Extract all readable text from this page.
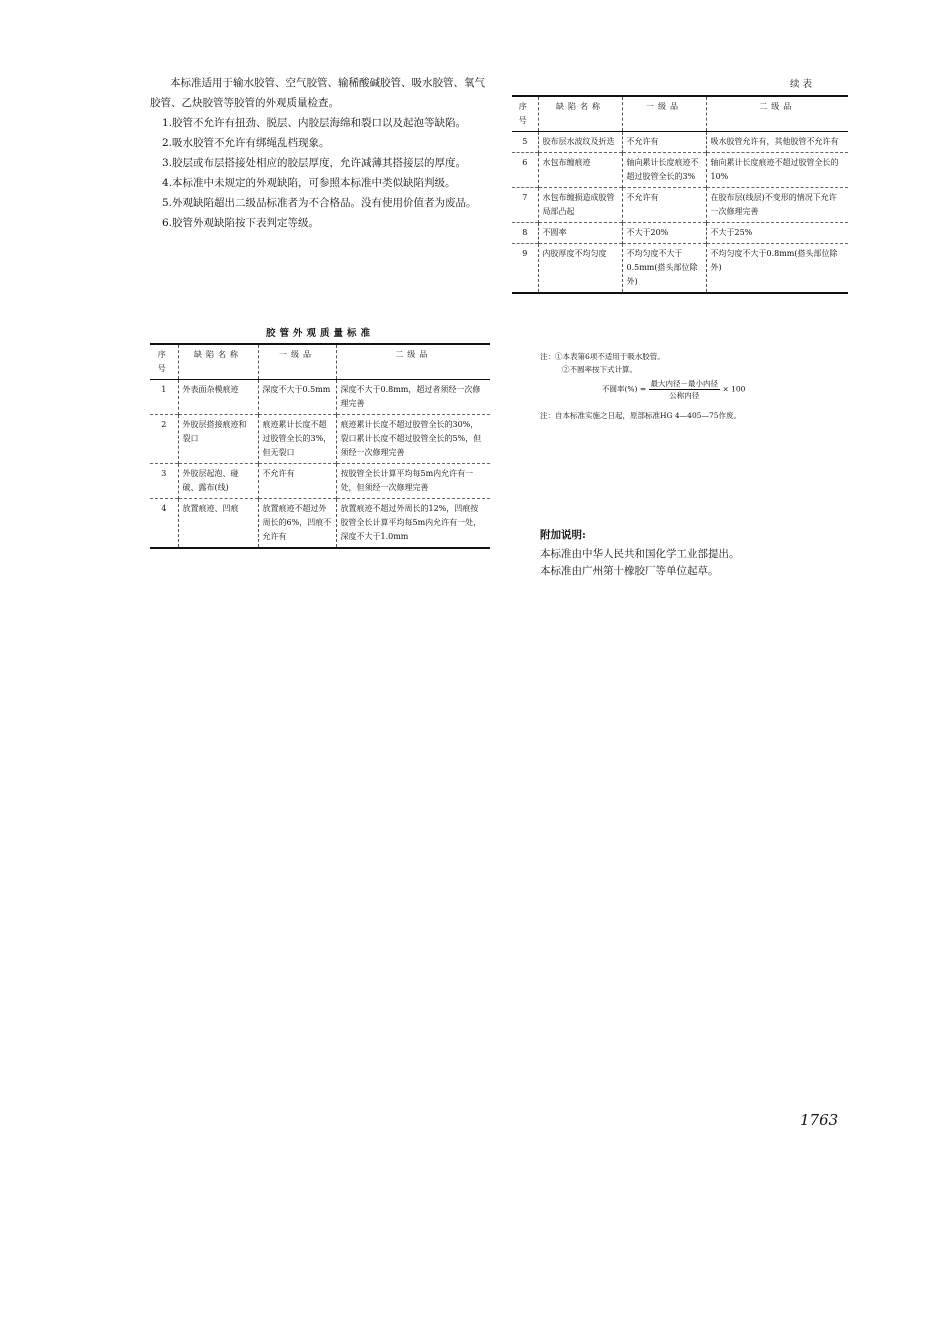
本标准适用于输水胶管、空气胶管、输稀酸碱胶管、吸水胶管、氧气胶管、乙炔胶管等胶管的外观质量检查。

1.胶管不允许有扭劲、脱层、内胶层海绵和裂口以及起泡等缺陷。

2.吸水胶管不允许有绑绳乱档现象。

3.胶层或布层搭接处相应的胶层厚度，允许减薄其搭接层的厚度。

4.本标准中未规定的外观缺陷，可参照本标准中类似缺陷判级。

5.外观缺陷超出二级品标准者为不合格品。没有使用价值者为废品。

6.胶管外观缺陷按下表判定等级。

胶管外观质量标准
序号	缺陷名称	一级品	二级品
1	外表面杂模痕迹	深度不大于0.5mm	深度不大于0.8mm，超过者须经一次修理完善
2	外胶层搭接痕迹和裂口	痕迹累计长度不超过胶管全长的3%，但无裂口	痕迹累计长度不超过胶管全长的30%，裂口累计长度不超过胶管全长的5%，但须经一次修理完善
3	外胶层起泡、碰破、露布(线)	不允许有	按胶管全长计算平均每5m内允许有一处，但须经一次修理完善
4	放置痕迹、凹痕	放置痕迹不超过外周长的6%，凹痕不允许有	放置痕迹不超过外周长的12%，凹痕按胶管全长计算平均每5m内允许有一处，深度不大于1.0mm
续表
序号	缺陷名称	一级品	二级品
5	胶布层水波纹及折迭	不允许有	吸水胶管允许有，其他胶管不允许有
6	水包布缠痕迹	轴向累计长度痕迹不超过胶管全长的3%	轴向累计长度痕迹不超过胶管全长的10%
7	水包布缠损造成胶管局部凸起	不允许有	在胶布层(线层)不变形的情况下允许一次修理完善
8	不圆率	不大于20%	不大于25%
9	内胶厚度不均匀度	不均匀度不大于0.5mm(搭头部位除外)	不均匀度不大于0.8mm(搭头部位除外)
注：①本表第6项不适用于吸水胶管。
②不圆率按下式计算。
不圆率(%) = $\frac{\text{最大内径－最小内径}}{\text{公称内径}} \times 100$
注：自本标准实施之日起，原部标准HG 4—405—75作废。
附加说明:
本标准由中华人民共和国化学工业部提出。
本标准由广州第十橡胶厂等单位起草。
1763
